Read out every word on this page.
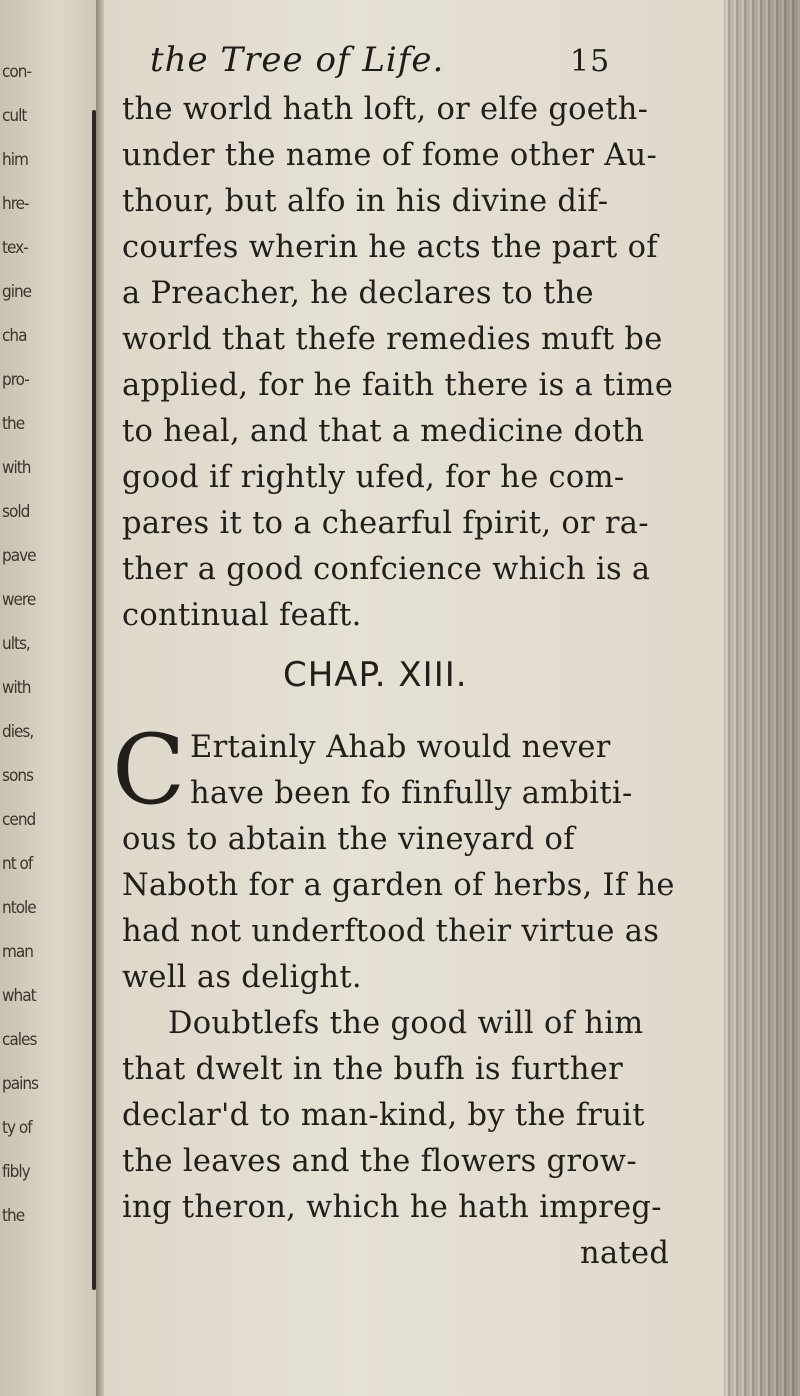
con-
cult
him
hre-
tex-
gine
cha
pro-
the
with
sold
pave
were
ults,
with
dies,
sons
cend
nt of
ntole
man
what
cales
pains
ty of
fibly
the
the Tree of Life.	15
the world hath loft, or elfe goeth-
under the name of fome other Au-
thour, but alfo in his divine dif-
courfes wherin he acts the part of
a Preacher, he declares to the
world that thefe remedies muft be
applied, for he faith there is a time
to heal, and that a medicine doth
good if rightly ufed, for he com-
pares it to a chearful fpirit, or ra-
ther a good confcience which is a
continual feaft.
CHAP. XIII.
C Ertainly Ahab would never
have been fo finfully ambiti-
ous to abtain the vineyard of
Naboth for a garden of herbs, If he
had not underftood their virtue as
well as delight.
Doubtlefs the good will of him
that dwelt in the bufh is further
declar'd to man-kind, by the fruit
the leaves and the flowers grow-
ing theron, which he hath impreg-
nated
